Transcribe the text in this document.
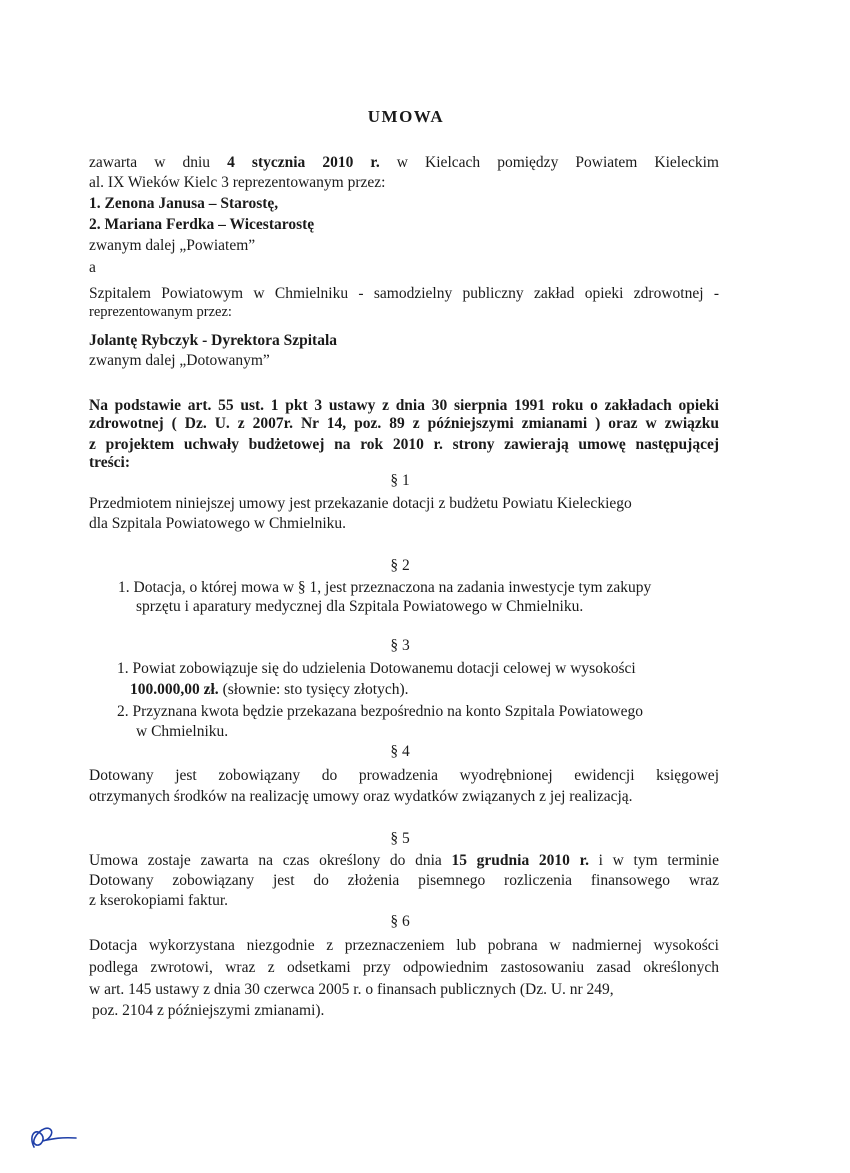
UMOWA
zawarta w dniu 4 stycznia 2010 r. w Kielcach pomiędzy Powiatem Kieleckim
al. IX Wieków Kielc 3 reprezentowanym przez:
1. Zenona Janusa – Starostę,
2. Mariana Ferdka – Wicestarostę
zwanym dalej „Powiatem”
a
Szpitalem Powiatowym w Chmielniku - samodzielny publiczny zakład opieki zdrowotnej -
reprezentowanym przez:
Jolantę Rybczyk - Dyrektora Szpitala
zwanym dalej „Dotowanym”
Na podstawie art. 55 ust. 1 pkt 3 ustawy z dnia 30 sierpnia 1991 roku o zakładach opieki
zdrowotnej ( Dz. U. z 2007r. Nr 14, poz. 89 z późniejszymi zmianami ) oraz w związku
z projektem uchwały budżetowej na rok 2010 r. strony zawierają umowę następującej
treści:
§ 1
Przedmiotem niniejszej umowy jest przekazanie dotacji z budżetu Powiatu Kieleckiego
dla Szpitala Powiatowego w Chmielniku.
§ 2
1. Dotacja, o której mowa w § 1, jest przeznaczona na zadania inwestycje tym zakupy
sprzętu i aparatury medycznej dla Szpitala Powiatowego w Chmielniku.
§ 3
1. Powiat zobowiązuje się do udzielenia Dotowanemu dotacji celowej w wysokości
100.000,00 zł. (słownie: sto tysięcy złotych).
2. Przyznana kwota będzie przekazana bezpośrednio na konto Szpitala Powiatowego
w Chmielniku.
§ 4
Dotowany jest zobowiązany do prowadzenia wyodrębnionej ewidencji księgowej
otrzymanych środków na realizację umowy oraz wydatków związanych z jej realizacją.
§ 5
Umowa zostaje zawarta na czas określony do dnia 15 grudnia 2010 r. i w tym terminie
Dotowany zobowiązany jest do złożenia pisemnego rozliczenia finansowego wraz
z kserokopiami faktur.
§ 6
Dotacja wykorzystana niezgodnie z przeznaczeniem lub pobrana w nadmiernej wysokości
podlega zwrotowi, wraz z odsetkami przy odpowiednim zastosowaniu zasad określonych
w art. 145 ustawy z dnia 30 czerwca 2005 r. o finansach publicznych (Dz. U. nr 249,
poz. 2104 z późniejszymi zmianami).
